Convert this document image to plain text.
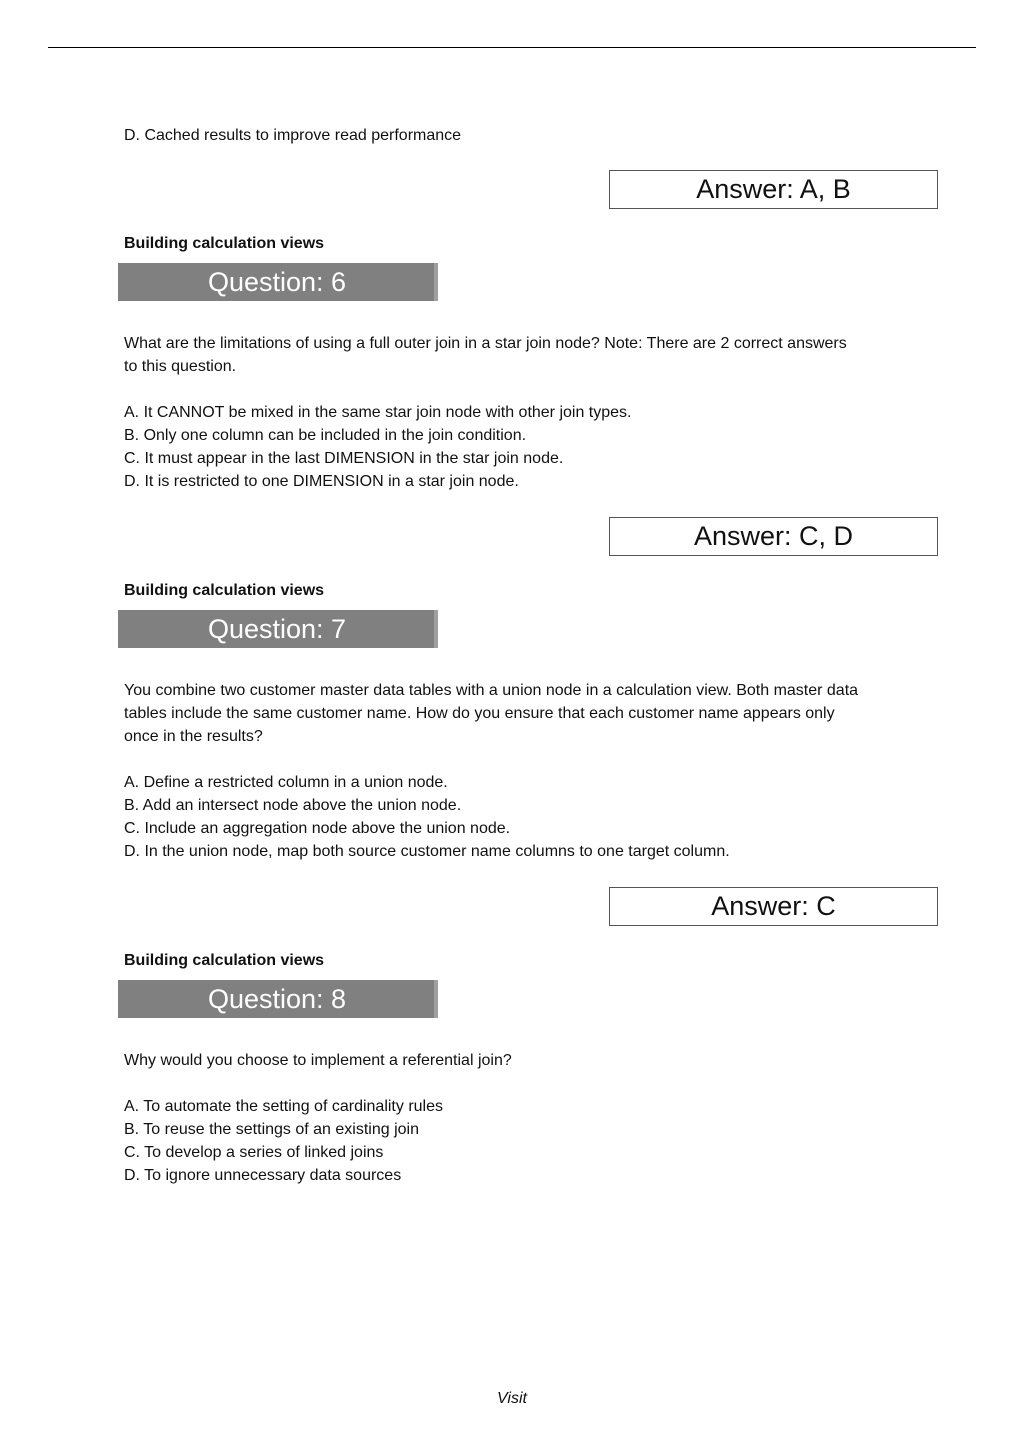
D. Cached results to improve read performance
Answer: A, B
Building calculation views
Question: 6
What are the limitations of using a full outer join in a star join node? Note: There are 2 correct answers
to this question.
A. It CANNOT be mixed in the same star join node with other join types.
B. Only one column can be included in the join condition.
C. It must appear in the last DIMENSION in the star join node.
D. It is restricted to one DIMENSION in a star join node.
Answer: C, D
Building calculation views
Question: 7
You combine two customer master data tables with a union node in a calculation view. Both master data
tables include the same customer name. How do you ensure that each customer name appears only
once in the results?
A. Define a restricted column in a union node.
B. Add an intersect node above the union node.
C. Include an aggregation node above the union node.
D. In the union node, map both source customer name columns to one target column.
Answer: C
Building calculation views
Question: 8
Why would you choose to implement a referential join?
A. To automate the setting of cardinality rules
B. To reuse the settings of an existing join
C. To develop a series of linked joins
D. To ignore unnecessary data sources
Visit
